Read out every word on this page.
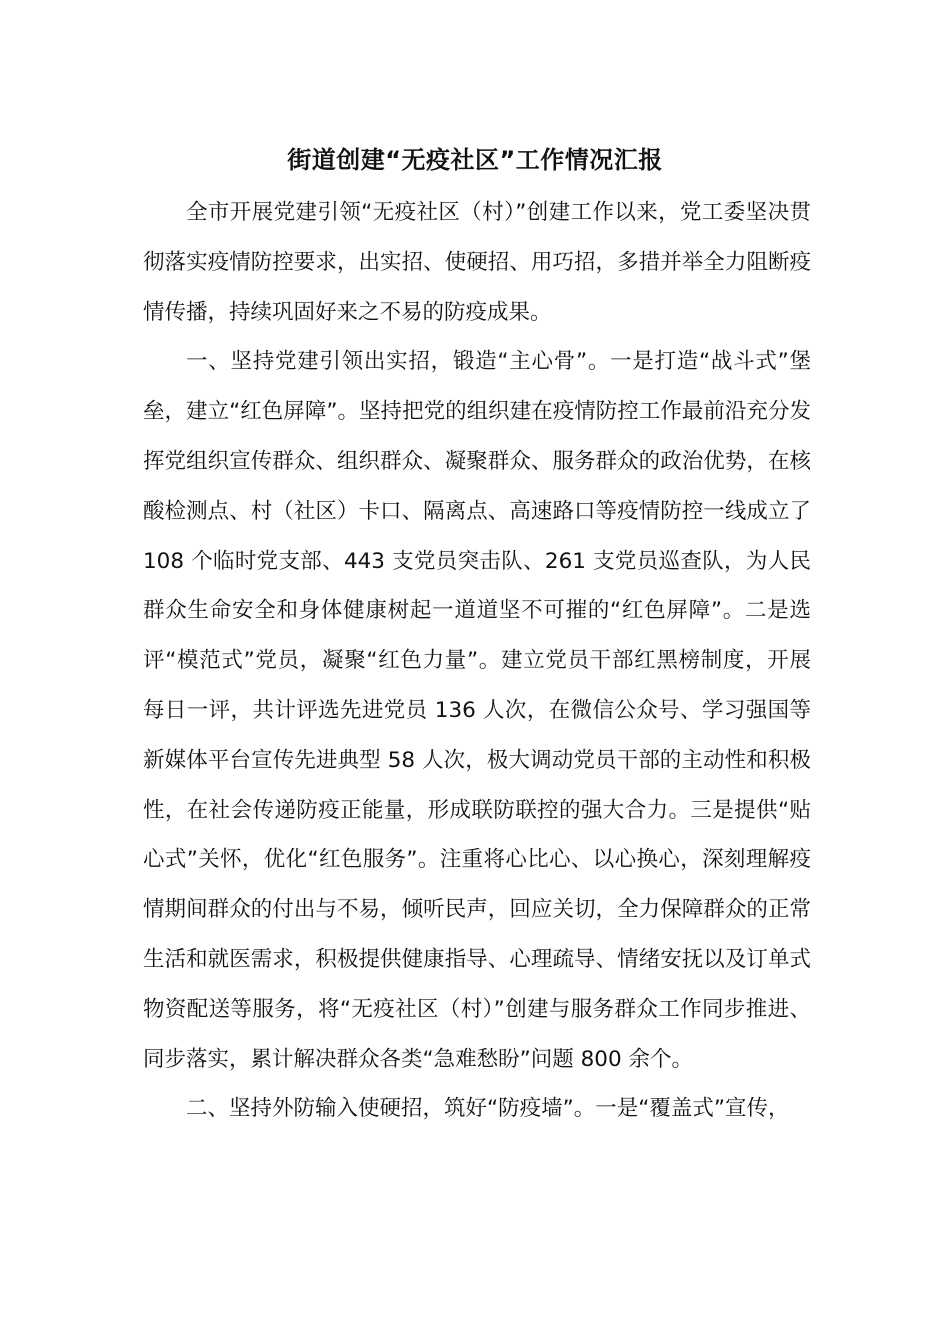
街道创建“无疫社区”工作情况汇报

全市开展党建引领“无疫社区（村）”创建工作以来，党工委坚决贯彻落实疫情防控要求，出实招、使硬招、用巧招，多措并举全力阻断疫情传播，持续巩固好来之不易的防疫成果。

一、坚持党建引领出实招，锻造“主心骨”。一是打造“战斗式”堡垒，建立“红色屏障”。坚持把党的组织建在疫情防控工作最前沿充分发挥党组织宣传群众、组织群众、凝聚群众、服务群众的政治优势，在核酸检测点、村（社区）卡口、隔离点、高速路口等疫情防控一线成立了 108 个临时党支部、443 支党员突击队、261 支党员巡查队，为人民群众生命安全和身体健康树起一道道坚不可摧的“红色屏障”。二是选评“模范式”党员，凝聚“红色力量”。建立党员干部红黑榜制度，开展每日一评，共计评选先进党员 136 人次，在微信公众号、学习强国等新媒体平台宣传先进典型 58 人次，极大调动党员干部的主动性和积极性，在社会传递防疫正能量，形成联防联控的强大合力。三是提供“贴心式”关怀，优化“红色服务”。注重将心比心、以心换心，深刻理解疫情期间群众的付出与不易，倾听民声，回应关切，全力保障群众的正常生活和就医需求，积极提供健康指导、心理疏导、情绪安抚以及订单式物资配送等服务，将“无疫社区（村）”创建与服务群众工作同步推进、同步落实，累计解决群众各类“急难愁盼”问题 800 余个。

二、坚持外防输入使硬招，筑好“防疫墙”。一是“覆盖式”宣传，
